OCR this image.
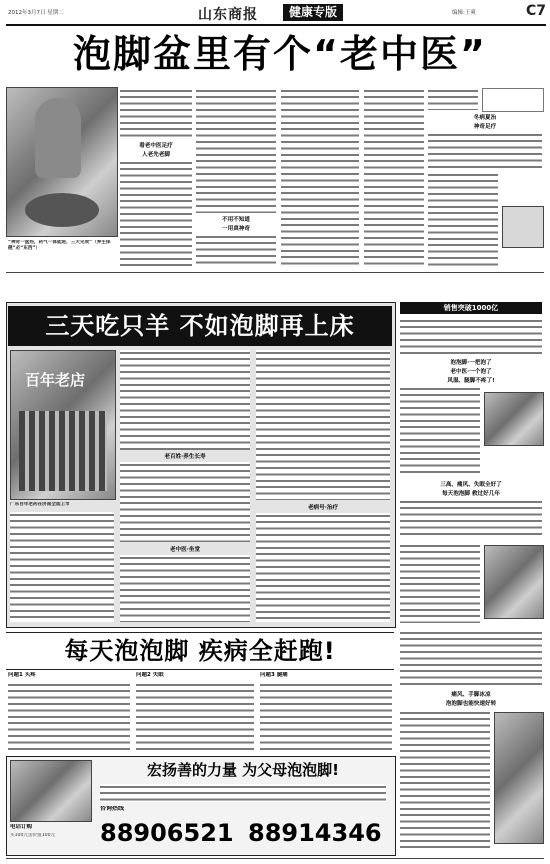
2012年3月7日 星期二	山东商报	健康专版	编辑:王爽	C7
泡脚盆里有个“老中医”
“神奇一盆热，药气一体能进，三天见效”（养生保健“必“东西”）
看老中医足疗
人老先老脚
不用不知道
一用真神奇
冬病夏治
神奇足疗
三天吃只羊 不如泡脚再上床
百年老店
广东百年老药在济南全面上市
老百姓·养生长寿
老中医·坐堂
老病号·治疗
销售突破1000亿
泡泡脚·一把泡了
老中医·一个泡了
风湿、腿脚不疼了!
三高、痛风、失眠全好了
每天泡泡脚 救过好几年
每天泡泡脚 疾病全赶跑!
问题1 头疼	问题2 失眠	问题3 腿痛
电话订购
买100元送价值100元
宏扬善的力量 为父母泡泡脚!
咨询热线
88906521 88914346
痛风、手脚冰凉
泡泡脚也能快速好转
